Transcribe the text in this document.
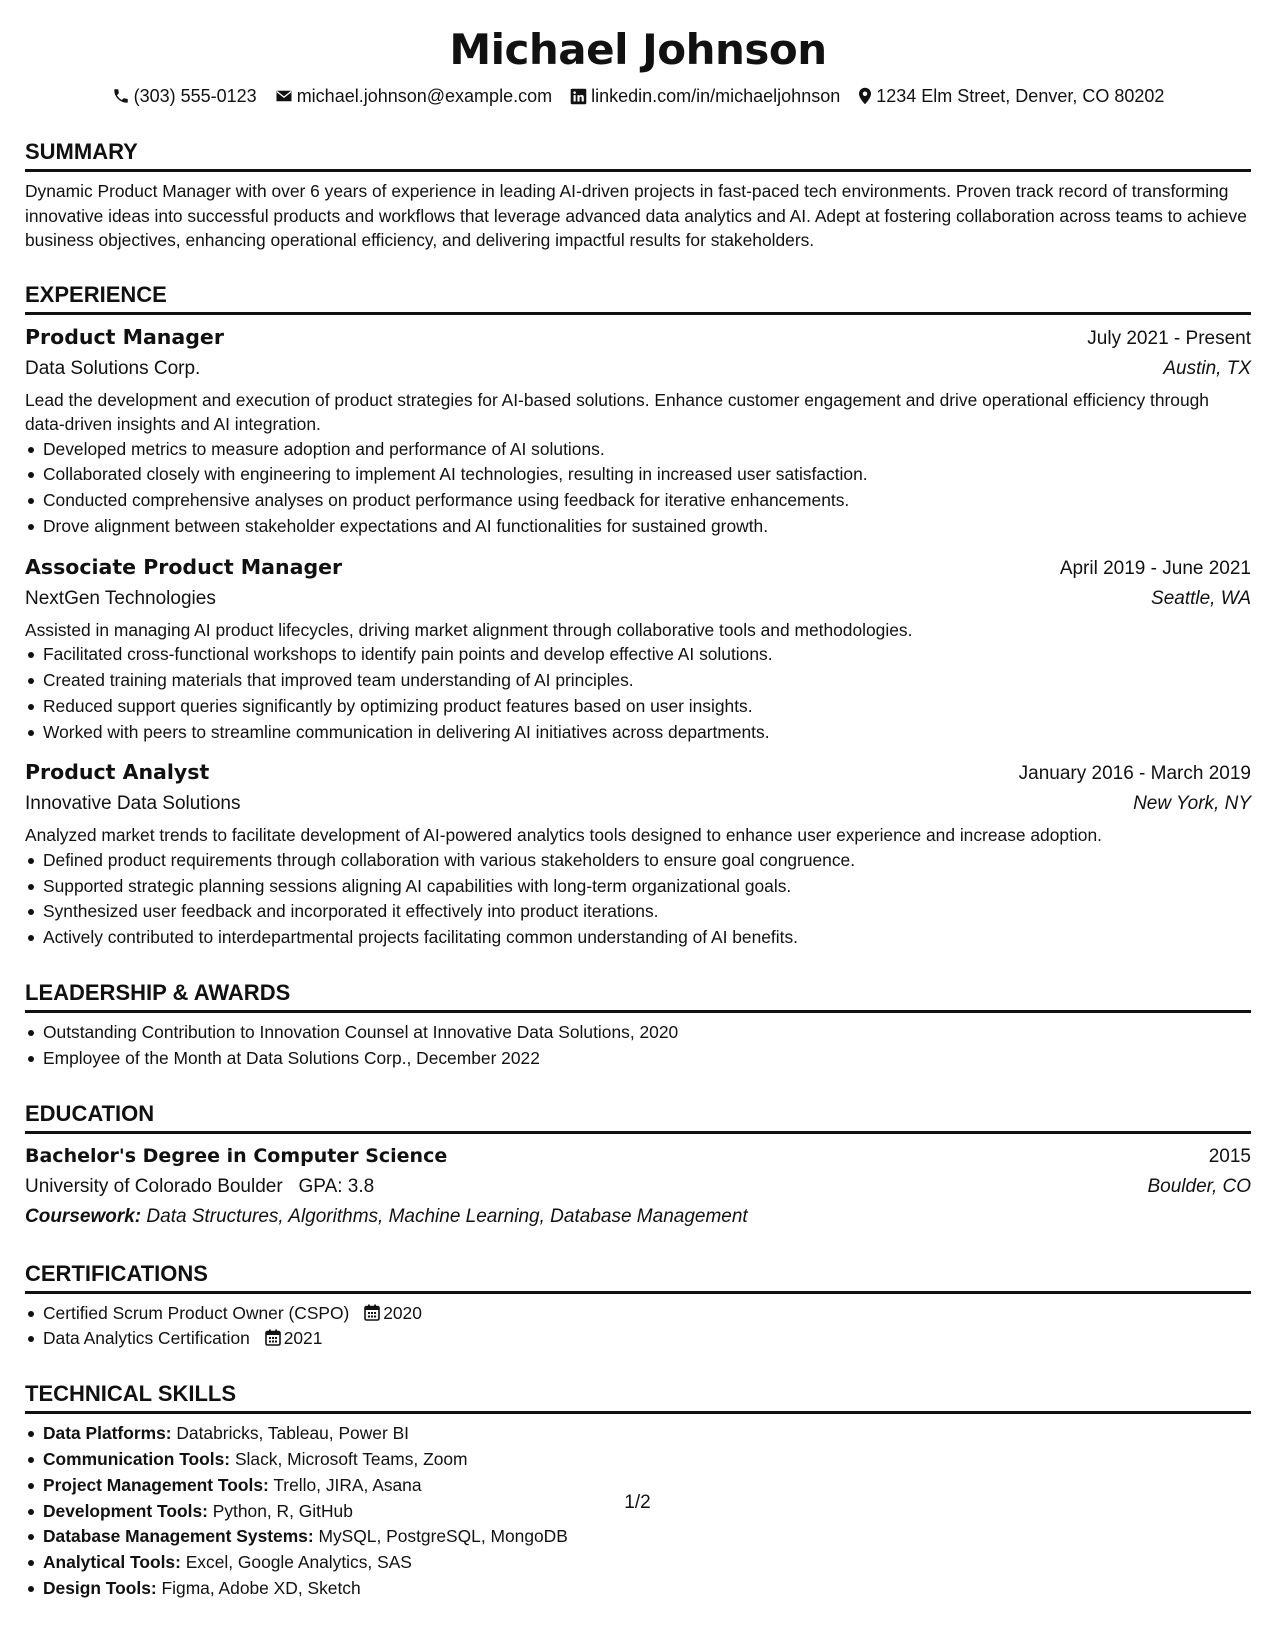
Michael Johnson
(303) 555-0123 michael.johnson@example.com linkedin.com/in/michaeljohnson 1234 Elm Street, Denver, CO 80202
SUMMARY

Dynamic Product Manager with over 6 years of experience in leading AI-driven projects in fast-paced tech environments. Proven track record of transforming innovative ideas into successful products and workflows that leverage advanced data analytics and AI. Adept at fostering collaboration across teams to achieve business objectives, enhancing operational efficiency, and delivering impactful results for stakeholders.

EXPERIENCE
Product Manager	July 2021 - Present
Data Solutions Corp.	Austin, TX
Lead the development and execution of product strategies for AI-based solutions. Enhance customer engagement and drive operational efficiency through data-driven insights and AI integration.
Developed metrics to measure adoption and performance of AI solutions.
Collaborated closely with engineering to implement AI technologies, resulting in increased user satisfaction.
Conducted comprehensive analyses on product performance using feedback for iterative enhancements.
Drove alignment between stakeholder expectations and AI functionalities for sustained growth.
Associate Product Manager	April 2019 - June 2021
NextGen Technologies	Seattle, WA
Assisted in managing AI product lifecycles, driving market alignment through collaborative tools and methodologies.
Facilitated cross-functional workshops to identify pain points and develop effective AI solutions.
Created training materials that improved team understanding of AI principles.
Reduced support queries significantly by optimizing product features based on user insights.
Worked with peers to streamline communication in delivering AI initiatives across departments.
Product Analyst	January 2016 - March 2019
Innovative Data Solutions	New York, NY
Analyzed market trends to facilitate development of AI-powered analytics tools designed to enhance user experience and increase adoption.
Defined product requirements through collaboration with various stakeholders to ensure goal congruence.
Supported strategic planning sessions aligning AI capabilities with long-term organizational goals.
Synthesized user feedback and incorporated it effectively into product iterations.
Actively contributed to interdepartmental projects facilitating common understanding of AI benefits.
LEADERSHIP & AWARDS
Outstanding Contribution to Innovation Counsel at Innovative Data Solutions, 2020
Employee of the Month at Data Solutions Corp., December 2022
EDUCATION
Bachelor's Degree in Computer Science	2015
University of Colorado Boulder GPA: 3.8	Boulder, CO
Coursework: Data Structures, Algorithms, Machine Learning, Database Management
CERTIFICATIONS
Certified Scrum Product Owner (CSPO) 2020
Data Analytics Certification 2021
TECHNICAL SKILLS
Data Platforms: Databricks, Tableau, Power BI
Communication Tools: Slack, Microsoft Teams, Zoom
Project Management Tools: Trello, JIRA, Asana
Development Tools: Python, R, GitHub
Database Management Systems: MySQL, PostgreSQL, MongoDB
Analytical Tools: Excel, Google Analytics, SAS
Design Tools: Figma, Adobe XD, Sketch
1/2
